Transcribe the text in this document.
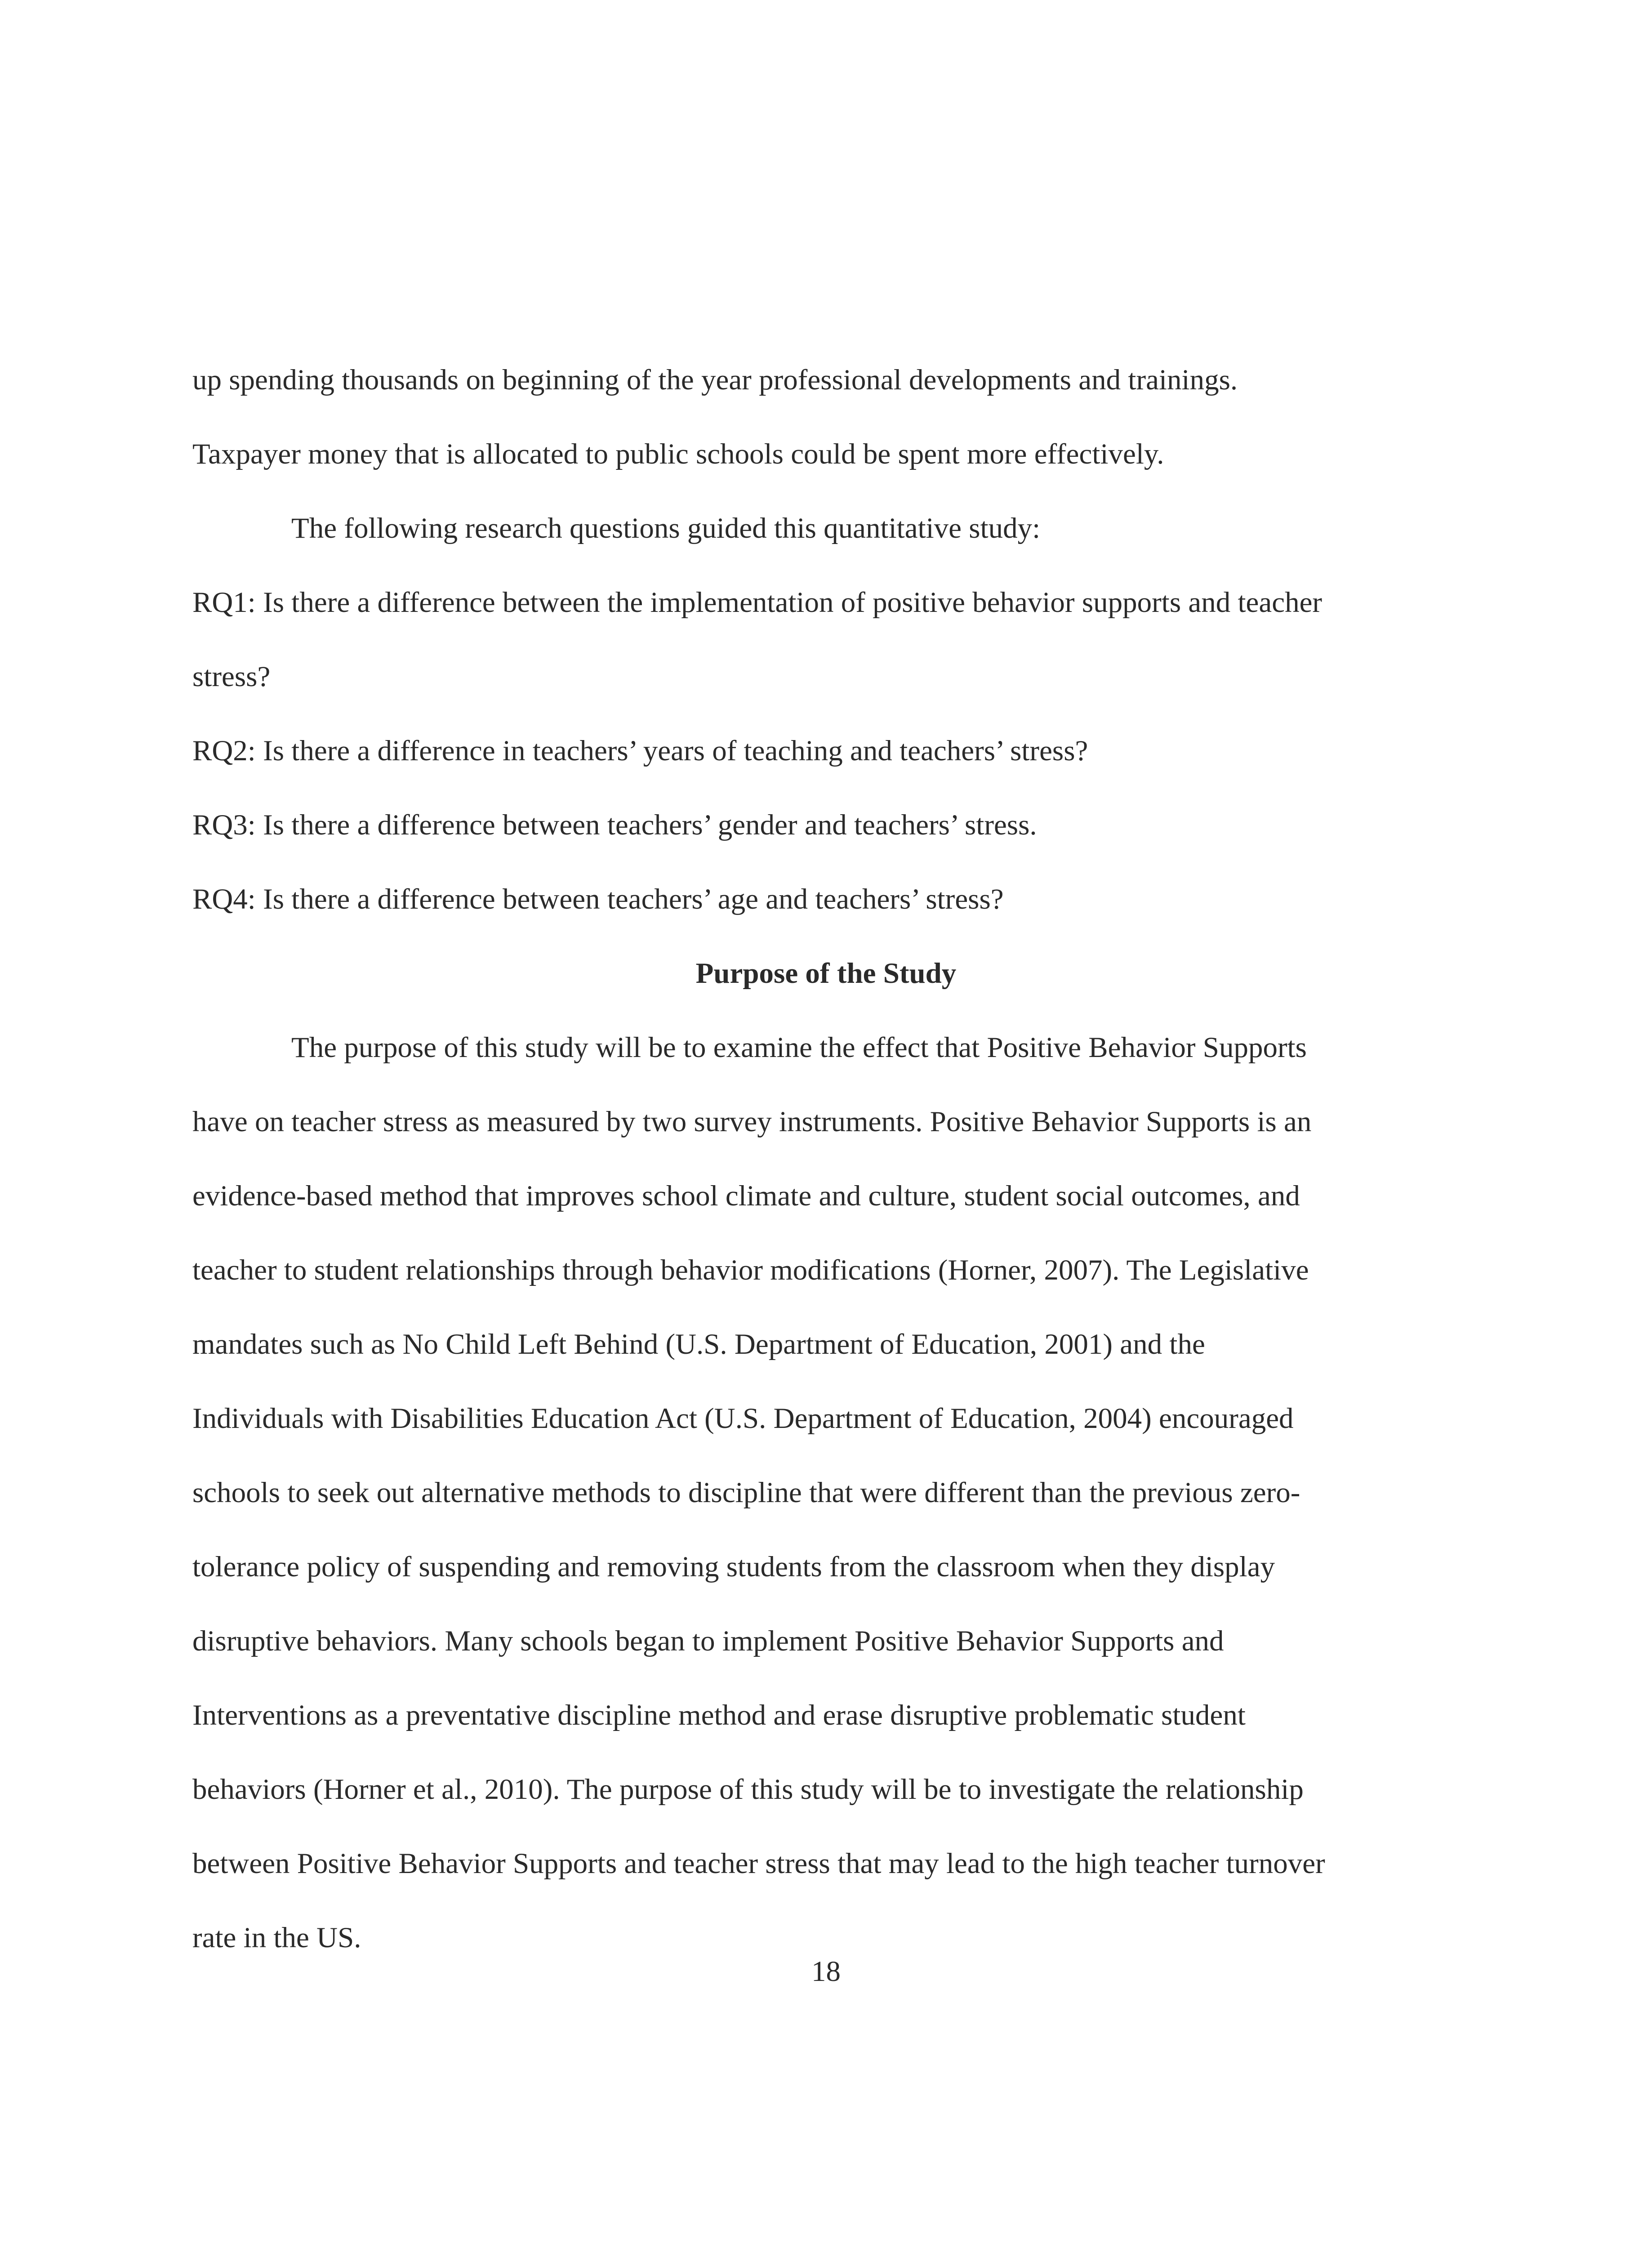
up spending thousands on beginning of the year professional developments and trainings.

Taxpayer money that is allocated to public schools could be spent more effectively.

The following research questions guided this quantitative study:

RQ1: Is there a difference between the implementation of positive behavior supports and teacher

stress?

RQ2: Is there a difference in teachers’ years of teaching and teachers’ stress?

RQ3: Is there a difference between teachers’ gender and teachers’ stress.

RQ4: Is there a difference between teachers’ age and teachers’ stress?

Purpose of the Study

The purpose of this study will be to examine the effect that Positive Behavior Supports

have on teacher stress as measured by two survey instruments. Positive Behavior Supports is an

evidence-based method that improves school climate and culture, student social outcomes, and

teacher to student relationships through behavior modifications (Horner, 2007). The Legislative

mandates such as No Child Left Behind (U.S. Department of Education, 2001) and the

Individuals with Disabilities Education Act (U.S. Department of Education, 2004) encouraged

schools to seek out alternative methods to discipline that were different than the previous zero-

tolerance policy of suspending and removing students from the classroom when they display

disruptive behaviors. Many schools began to implement Positive Behavior Supports and

Interventions as a preventative discipline method and erase disruptive problematic student

behaviors (Horner et al., 2010). The purpose of this study will be to investigate the relationship

between Positive Behavior Supports and teacher stress that may lead to the high teacher turnover

rate in the US.

18
